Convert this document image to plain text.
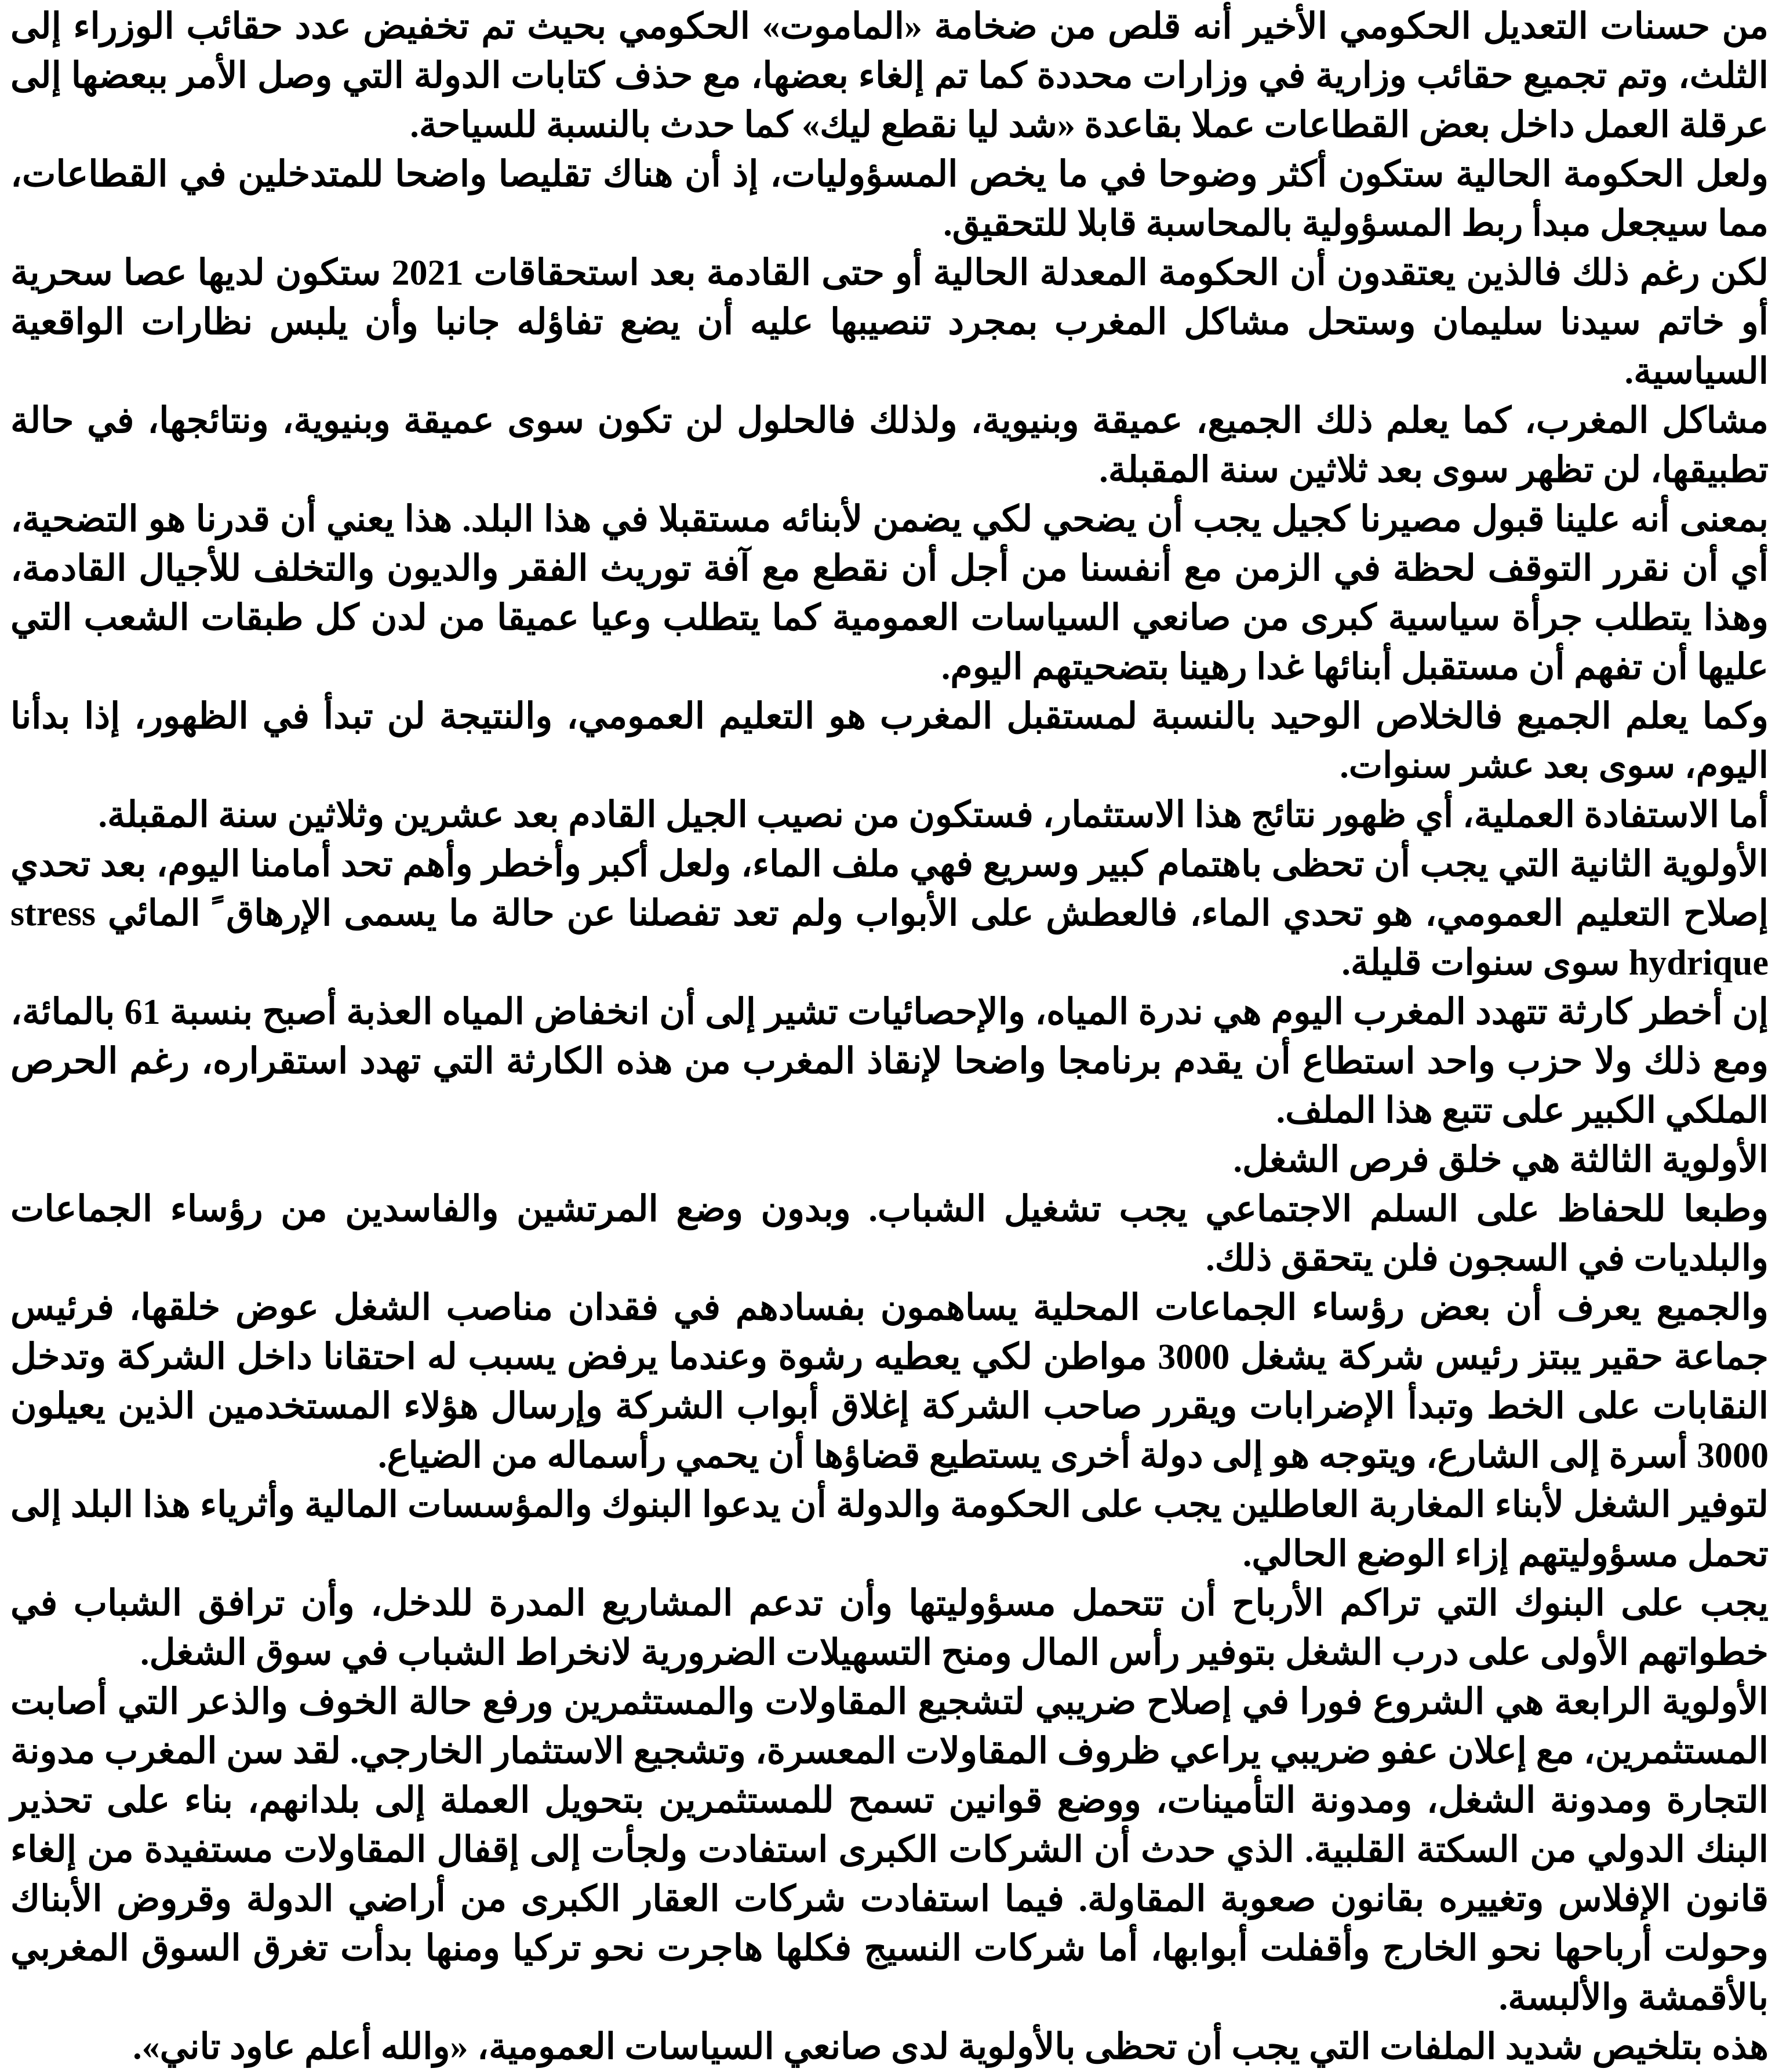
من حسنات التعديل الحكومي الأخير أنه قلص من ضخامة «الماموت» الحكومي بحيث تم تخفيض عدد حقائب الوزراء إلى الثلث، وتم تجميع حقائب وزارية في وزارات محددة كما تم إلغاء بعضها، مع حذف كتابات الدولة التي وصل الأمر ببعضها إلى عرقلة العمل داخل بعض القطاعات عملا بقاعدة «شد ليا نقطع ليك» كما حدث بالنسبة للسياحة.

ولعل الحكومة الحالية ستكون أكثر وضوحا في ما يخص المسؤوليات، إذ أن هناك تقليصا واضحا للمتدخلين في القطاعات، مما سيجعل مبدأ ربط المسؤولية بالمحاسبة قابلا للتحقيق.

لكن رغم ذلك فالذين يعتقدون أن الحكومة المعدلة الحالية أو حتى القادمة بعد استحقاقات 2021 ستكون لديها عصا سحرية أو خاتم سيدنا سليمان وستحل مشاكل المغرب بمجرد تنصيبها عليه أن يضع تفاؤله جانبا وأن يلبس نظارات الواقعية السياسية.

مشاكل المغرب، كما يعلم ذلك الجميع، عميقة وبنيوية، ولذلك فالحلول لن تكون سوى عميقة وبنيوية، ونتائجها، في حالة تطبيقها، لن تظهر سوى بعد ثلاثين سنة المقبلة.

بمعنى أنه علينا قبول مصيرنا كجيل يجب أن يضحي لكي يضمن لأبنائه مستقبلا في هذا البلد. هذا يعني أن قدرنا هو التضحية، أي أن نقرر التوقف لحظة في الزمن مع أنفسنا من أجل أن نقطع مع آفة توريث الفقر والديون والتخلف للأجيال القادمة، وهذا يتطلب جرأة سياسية كبرى من صانعي السياسات العمومية كما يتطلب وعيا عميقا من لدن كل طبقات الشعب التي عليها أن تفهم أن مستقبل أبنائها غدا رهينا بتضحيتهم اليوم.

وكما يعلم الجميع فالخلاص الوحيد بالنسبة لمستقبل المغرب هو التعليم العمومي، والنتيجة لن تبدأ في الظهور، إذا بدأنا اليوم، سوى بعد عشر سنوات.

أما الاستفادة العملية، أي ظهور نتائج هذا الاستثمار، فستكون من نصيب الجيل القادم بعد عشرين وثلاثين سنة المقبلة.

الأولوية الثانية التي يجب أن تحظى باهتمام كبير وسريع فهي ملف الماء، ولعل أكبر وأخطر وأهم تحد أمامنا اليوم، بعد تحدي إصلاح التعليم العمومي، هو تحدي الماء، فالعطش على الأبواب ولم تعد تفصلنا عن حالة ما يسمى الإرهاق ً المائي stress hydrique سوى سنوات قليلة.

إن أخطر كارثة تتهدد المغرب اليوم هي ندرة المياه، والإحصائيات تشير إلى أن انخفاض المياه العذبة أصبح بنسبة 61 بالمائة، ومع ذلك ولا حزب واحد استطاع أن يقدم برنامجا واضحا لإنقاذ المغرب من هذه الكارثة التي تهدد استقراره، رغم الحرص الملكي الكبير على تتبع هذا الملف.

الأولوية الثالثة هي خلق فرص الشغل.

وطبعا للحفاظ على السلم الاجتماعي يجب تشغيل الشباب. وبدون وضع المرتشين والفاسدين من رؤساء الجماعات والبلديات في السجون فلن يتحقق ذلك.

والجميع يعرف أن بعض رؤساء الجماعات المحلية يساهمون بفسادهم في فقدان مناصب الشغل عوض خلقها، فرئيس جماعة حقير يبتز رئيس شركة يشغل 3000 مواطن لكي يعطيه رشوة وعندما يرفض يسبب له احتقانا داخل الشركة وتدخل النقابات على الخط وتبدأ الإضرابات ويقرر صاحب الشركة إغلاق أبواب الشركة وإرسال هؤلاء المستخدمين الذين يعيلون 3000 أسرة إلى الشارع، ويتوجه هو إلى دولة أخرى يستطيع قضاؤها أن يحمي رأسماله من الضياع.

لتوفير الشغل لأبناء المغاربة العاطلين يجب على الحكومة والدولة أن يدعوا البنوك والمؤسسات المالية وأثرياء هذا البلد إلى تحمل مسؤوليتهم إزاء الوضع الحالي.

يجب على البنوك التي تراكم الأرباح أن تتحمل مسؤوليتها وأن تدعم المشاريع المدرة للدخل، وأن ترافق الشباب في خطواتهم الأولى على درب الشغل بتوفير رأس المال ومنح التسهيلات الضرورية لانخراط الشباب في سوق الشغل.

الأولوية الرابعة هي الشروع فورا في إصلاح ضريبي لتشجيع المقاولات والمستثمرين ورفع حالة الخوف والذعر التي أصابت المستثمرين، مع إعلان عفو ضريبي يراعي ظروف المقاولات المعسرة، وتشجيع الاستثمار الخارجي. لقد سن المغرب مدونة التجارة ومدونة الشغل، ومدونة التأمينات، ووضع قوانين تسمح للمستثمرين بتحويل العملة إلى بلدانهم، بناء على تحذير البنك الدولي من السكتة القلبية. الذي حدث أن الشركات الكبرى استفادت ولجأت إلى إقفال المقاولات مستفيدة من إلغاء قانون الإفلاس وتغييره بقانون صعوبة المقاولة. فيما استفادت شركات العقار الكبرى من أراضي الدولة وقروض الأبناك وحولت أرباحها نحو الخارج وأقفلت أبوابها، أما شركات النسيج فكلها هاجرت نحو تركيا ومنها بدأت تغرق السوق المغربي بالأقمشة والألبسة.

هذه بتلخيص شديد الملفات التي يجب أن تحظى بالأولوية لدى صانعي السياسات العمومية، «والله أعلم عاود تاني».
